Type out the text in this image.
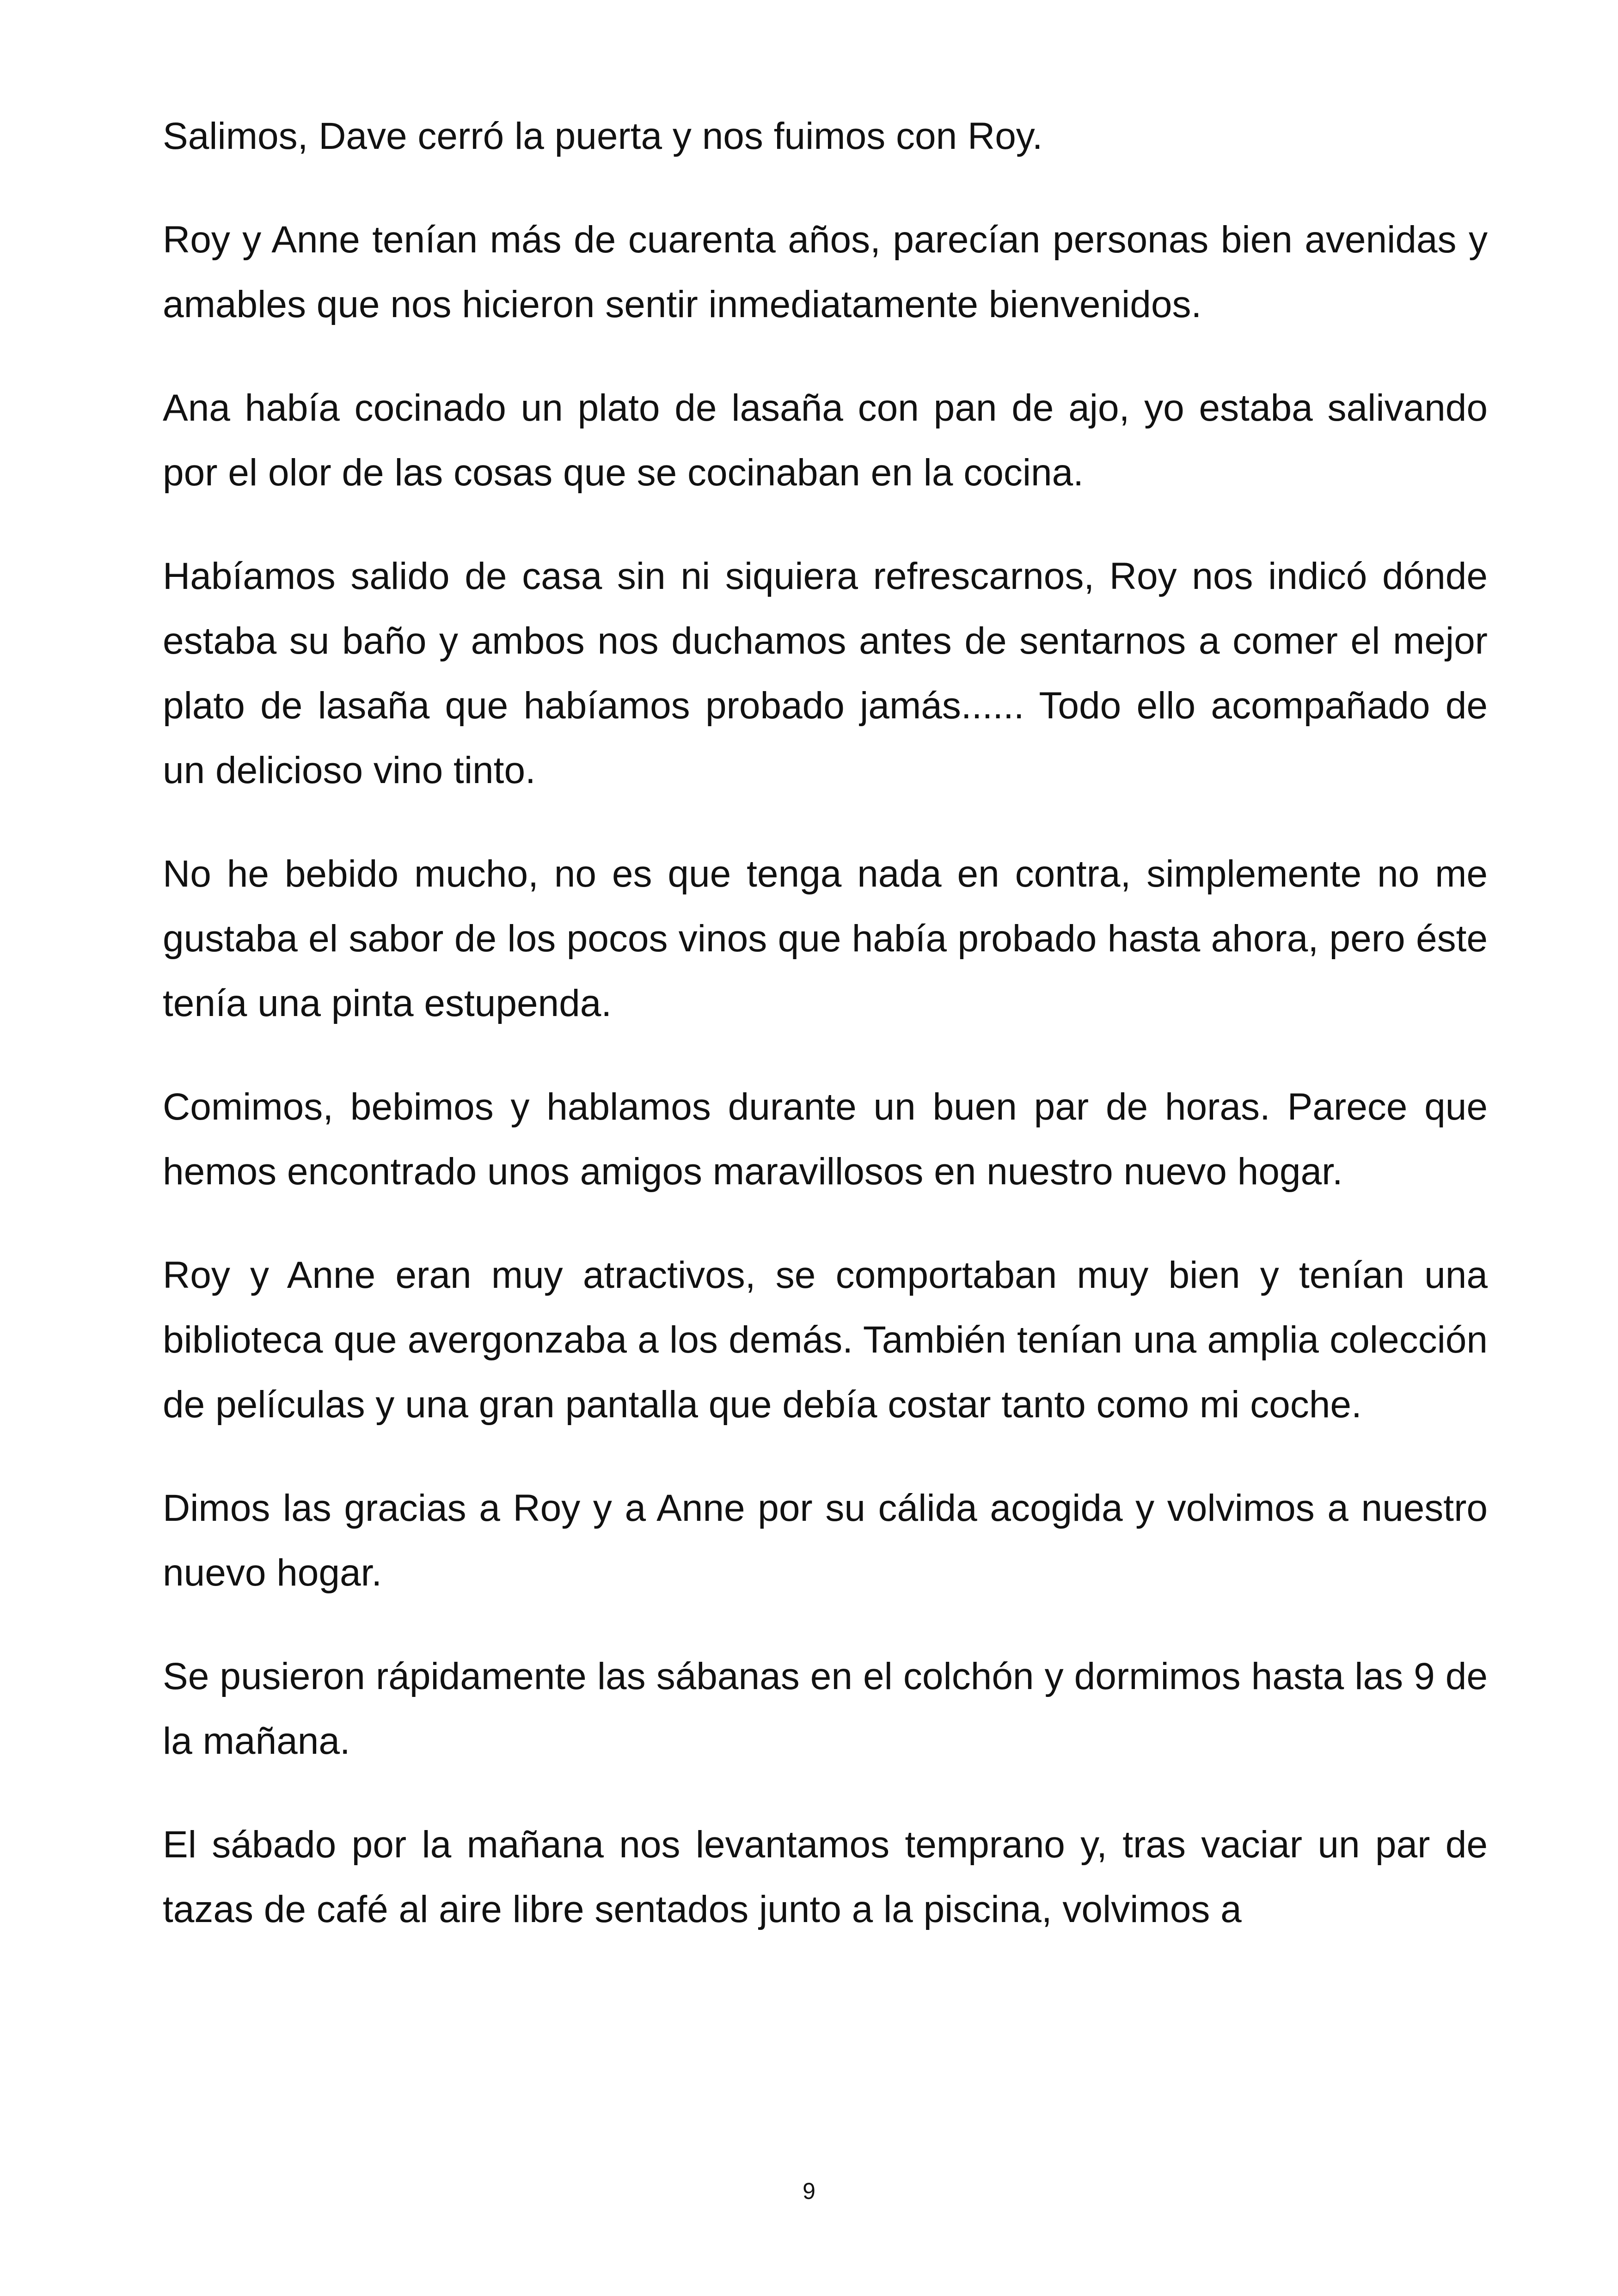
Salimos, Dave cerró la puerta y nos fuimos con Roy.

Roy y Anne tenían más de cuarenta años, parecían personas bien avenidas y amables que nos hicieron sentir inmediatamente bienvenidos.

Ana había cocinado un plato de lasaña con pan de ajo, yo estaba salivando por el olor de las cosas que se cocinaban en la cocina.

Habíamos salido de casa sin ni siquiera refrescarnos, Roy nos indicó dónde estaba su baño y ambos nos duchamos antes de sentarnos a comer el mejor plato de lasaña que habíamos probado jamás...... Todo ello acompañado de un delicioso vino tinto.

No he bebido mucho, no es que tenga nada en contra, simplemente no me gustaba el sabor de los pocos vinos que había probado hasta ahora, pero éste tenía una pinta estupenda.

Comimos, bebimos y hablamos durante un buen par de horas. Parece que hemos encontrado unos amigos maravillosos en nuestro nuevo hogar.

Roy y Anne eran muy atractivos, se comportaban muy bien y tenían una biblioteca que avergonzaba a los demás. También tenían una amplia colección de películas y una gran pantalla que debía costar tanto como mi coche.

Dimos las gracias a Roy y a Anne por su cálida acogida y volvimos a nuestro nuevo hogar.

Se pusieron rápidamente las sábanas en el colchón y dormimos hasta las 9 de la mañana.

El sábado por la mañana nos levantamos temprano y, tras vaciar un par de tazas de café al aire libre sentados junto a la piscina, volvimos a

9
